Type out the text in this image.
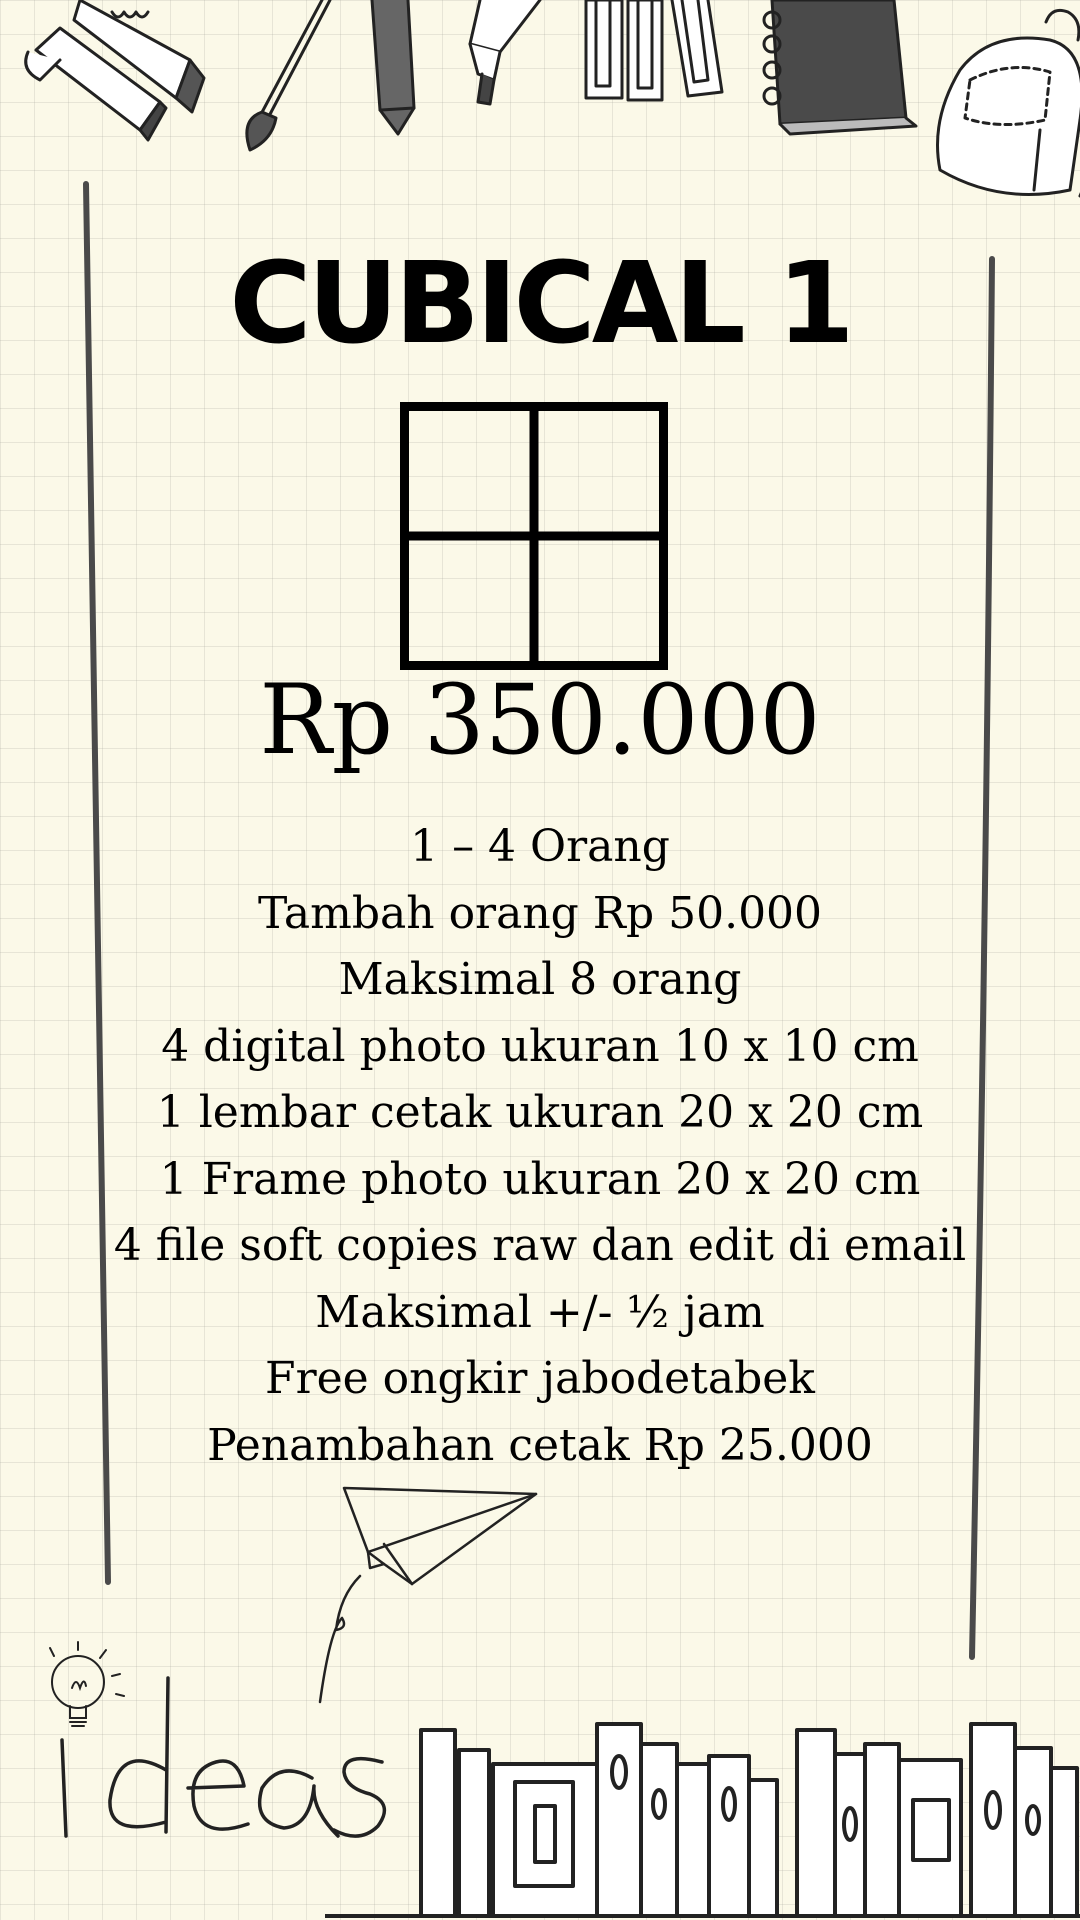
CUBICAL 1
Rp 350.000
1 – 4 Orang
Tambah orang Rp 50.000
Maksimal 8 orang
4 digital photo ukuran 10 x 10 cm
1 lembar cetak ukuran 20 x 20 cm
1 Frame photo ukuran 20 x 20 cm
4 file soft copies raw dan edit di email
Maksimal +/- ½ jam
Free ongkir jabodetabek
Penambahan cetak Rp 25.000
